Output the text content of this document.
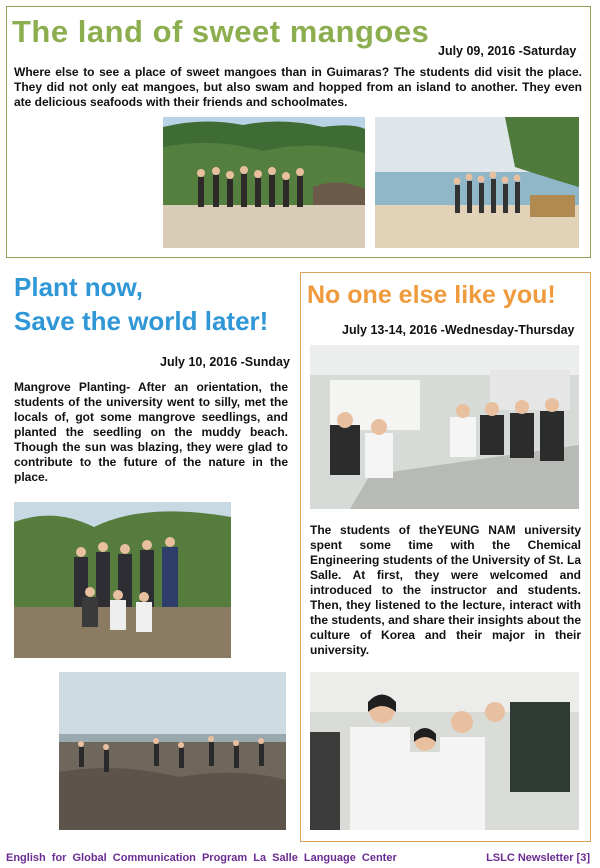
The land of sweet mangoes

July 09, 2016 -Saturday

Where else to see a place of sweet mangoes than in Guimaras? The students did visit the place. They did not only eat mangoes, but also swam and hopped from an island to another. They even ate delicious seafoods with their friends and schoolmates.

Plant now,
Save the world later!

July 10, 2016 -Sunday

Mangrove Planting- After an orientation, the students of the university went to silly, met the locals of, got some mangrove seedlings, and planted the seedling on the muddy beach. Though the sun was blazing, they were glad to contribute to the future of the nature in the place.

No one else like you!

July 13-14, 2016 -Wednesday-Thursday

The students of theYEUNG NAM university spent some time with the Chemical Engineering students of the University of St. La Salle. At first, they were welcomed and introduced to the instructor and students. Then, they listened to the lecture, interact with the students, and share their insights about the culture of Korea and their major in their university.

English for Global Communication Program La Salle Language Center	LSLC Newsletter [3]
